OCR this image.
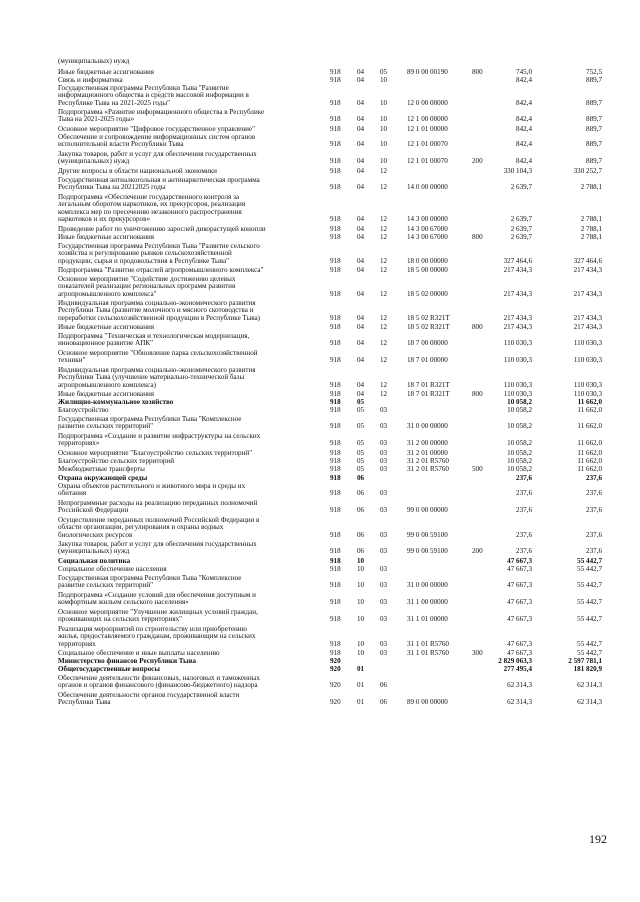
(муниципальных) нужд
Иные бюджетные ассигнования	918 04 05	89 0 00 00190	800	745,0	752,5
Связь и информатика	918 04 10	842,4	889,7
Государственная программа Республики Тыва "Развитие
информационного общества и средств массовой информации в
Республике Тыва на 2021-2025 годы"	918 04 10	12 0 00 00000	842,4	889,7
Подпрограмма «Развитие информационного общества в Республике
Тыва на 2021-2025 годы»	918 04 10	12 1 00 00000	842,4	889,7
Основное мероприятие "Цифровое государственное управление"	918 04 10	12 1 01 00000	842,4	889,7
Обеспечение и сопровождение информационных систем органов
исполнительной власти Республики Тыва	918 04 10	12 1 01 00070	842,4	889,7
Закупка товаров, работ и услуг для обеспечения государственных
(муниципальных) нужд	918 04 10	12 1 01 00070	200	842,4	889,7
Другие вопросы в области национальной экономики	918 04 12	330 104,3	330 252,7
Государственная антиалкогольная и антинаркотическая программа
Республики Тыва на 20212025 годы	918 04 12	14 0 00 00000	2 639,7	2 788,1
Подпрограмма «Обеспечение государственного контроля за
легальным оборотом наркотиков, их прекурсоров, реализация
комплекса мер по пресечению незаконного распространения
наркотиков и их прекурсоров»	918 04 12	14 3 00 00000	2 639,7	2 788,1
Проведение работ по уничтожению зарослей дикорастущей конопли	918 04 12	14 3 00 67000	2 639,7	2 788,1
Иные бюджетные ассигнования	918 04 12	14 3 00 67000	800	2 639,7	2 788,1
Государственная программа Республики Тыва "Развитие сельского
хозяйства и регулирование рынков сельскохозяйственной
продукции, сырья и продовольствия в Республике Тыва"	918 04 12	18 0 00 00000	327 464,6	327 464,6
Подпрограмма "Развитие отраслей агропромышленного комплекса"	918 04 12	18 5 00 00000	217 434,3	217 434,3
Основное мероприятие "Содействие достижению целевых
показателей реализации региональных программ развития
агропромышленного комплекса"	918 04 12	18 5 02 00000	217 434,3	217 434,3
Индивидуальная программа социально-экономического развития
Республики Тыва (развитие молочного и мясного скотоводства и
переработки сельскохозяйственной продукции в Республике Тыва)	918 04 12	18 5 02 R321Т	217 434,3	217 434,3
Иные бюджетные ассигнования	918 04 12	18 5 02 R321Т	800	217 434,3	217 434,3
Подпрограмма "Техническая и технологическая модернизация,
инновационное развитие АПК"	918 04 12	18 7 00 00000	110 030,3	110 030,3
Основное мероприятие "Обновление парка сельскохозяйственной
техники"	918 04 12	18 7 01 00000	110 030,3	110 030,3
Индивидуальная программа социально-экономического развития
Республики Тыва (улучшение материально-технической базы
агропромышленного комплекса)	918 04 12	18 7 01 R321Т	110 030,3	110 030,3
Иные бюджетные ассигнования	918 04 12	18 7 01 R321Т	800	110 030,3	110 030,3
Жилищно-коммунальное хозяйство	918 05	10 058,2	11 662,0
Благоустройство	918 05 03	10 058,2	11 662,0
Государственная программа Республики Тыва "Комплексное
развитие сельских территорий"	918 05 03	31 0 00 00000	10 058,2	11 662,0
Подпрограмма «Создание и развитие инфраструктуры на сельских
территориях»	918 05 03	31 2 00 00000	10 058,2	11 662,0
Основное мероприятие "Благоустройство сельских территорий"	918 05 03	31 2 01 00000	10 058,2	11 662,0
Благоустройство сельских территорий	918 05 03	31 2 01 R5760	10 058,2	11 662,0
Межбюджетные трансферты	918 05 03	31 2 01 R5760	500	10 058,2	11 662,0
Охрана окружающей среды	918 06	237,6	237,6
Охрана объектов растительного и животного мира и среды их
обитания	918 06 03	237,6	237,6
Непрограммные расходы на реализацию переданных полномочий
Российской Федерации	918 06 03	99 0 00 00000	237,6	237,6
Осуществление переданных полномочий Российской Федерации в
области организации, регулирования и охраны водных
биологических ресурсов	918 06 03	99 0 00 59100	237,6	237,6
Закупка товаров, работ и услуг для обеспечения государственных
(муниципальных) нужд	918 06 03	99 0 00 59100	200	237,6	237,6
Социальная политика	918 10	47 667,3	55 442,7
Социальное обеспечение населения	918 10 03	47 667,3	55 442,7
Государственная программа Республики Тыва "Комплексное
развитие сельских территорий"	918 10 03	31 0 00 00000	47 667,3	55 442,7
Подпрограмма «Создание условий для обеспечения доступным и
комфортным жильем сельского населения»	918 10 03	31 1 00 00000	47 667,3	55 442,7
Основное мероприятие "Улучшение жилищных условий граждан,
проживающих на сельских территориях"	918 10 03	31 1 01 00000	47 667,3	55 442,7
Реализация мероприятий по строительству или приобретению
жилья, предоставляемого гражданам, проживающим на сельских
территориях	918 10 03	31 1 01 R5760	47 667,3	55 442,7
Социальное обеспечение и иные выплаты населению	918 10 03	31 1 01 R5760	300	47 667,3	55 442,7
Министерство финансов Республики Тыва	920	2 829 063,3	2 597 781,1
Общегосударственные вопросы	920 01	277 495,4	181 820,9
Обеспечение деятельности финансовых, налоговых и таможенных
органов и органов финансового (финансово-бюджетного) надзора	920 01 06	62 314,3	62 314,3
Обеспечение деятельности органов государственной власти
Республики Тыва	920 01 06	89 0 00 00000	62 314,3	62 314,3
192
